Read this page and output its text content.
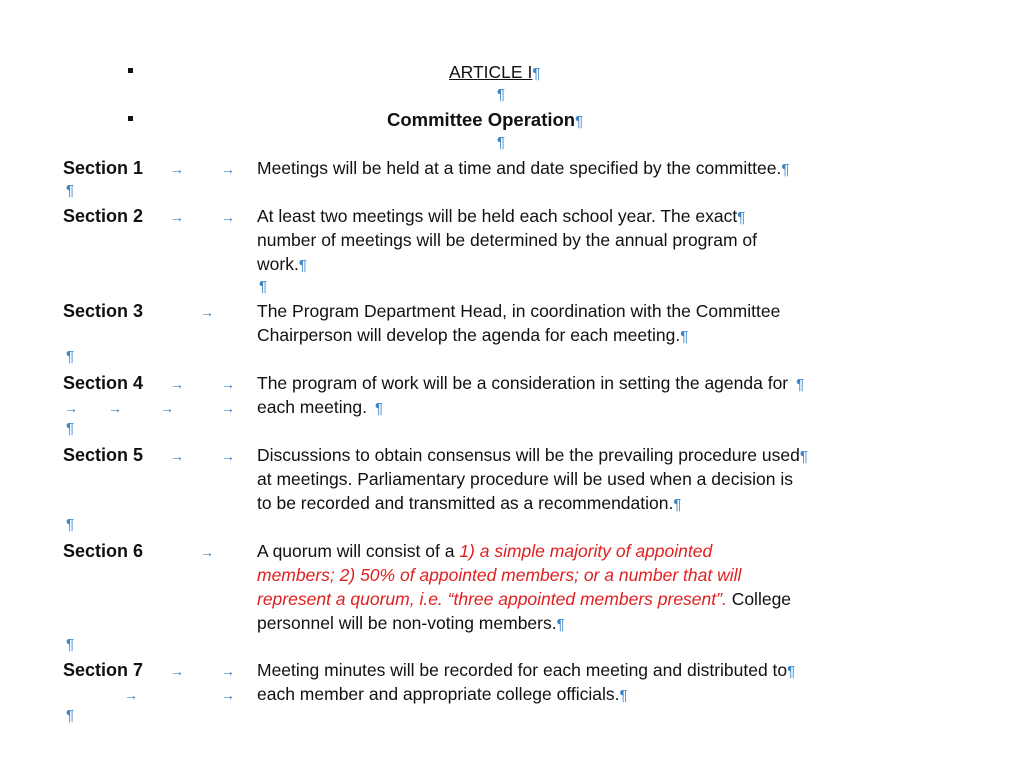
ARTICLE I¶
¶
Committee Operation¶
¶
Section 1 →	→ Meetings will be held at a time and date specified by the committee.¶
¶
Section 2 →	→ At least two meetings will be held each school year. The exact¶
number of meetings will be determined by the annual program of
work.¶
¶
Section 3	→ The Program Department Head, in coordination with the Committee
Chairperson will develop the agenda for each meeting.¶
¶
Section 4 →	→ The program of work will be a consideration in setting the agenda for ¶
→ →	→	→ each meeting. ¶
¶
Section 5 →	→ Discussions to obtain consensus will be the prevailing procedure used¶
at meetings. Parliamentary procedure will be used when a decision is
to be recorded and transmitted as a recommendation.¶
¶
Section 6	→ A quorum will consist of a 1) a simple majority of appointed
members; 2) 50% of appointed members; or a number that will
represent a quorum, i.e. “three appointed members present”. College
personnel will be non-voting members.¶
¶
Section 7 →	→ Meeting minutes will be recorded for each meeting and distributed to¶
→	→ each member and appropriate college officials.¶
¶
